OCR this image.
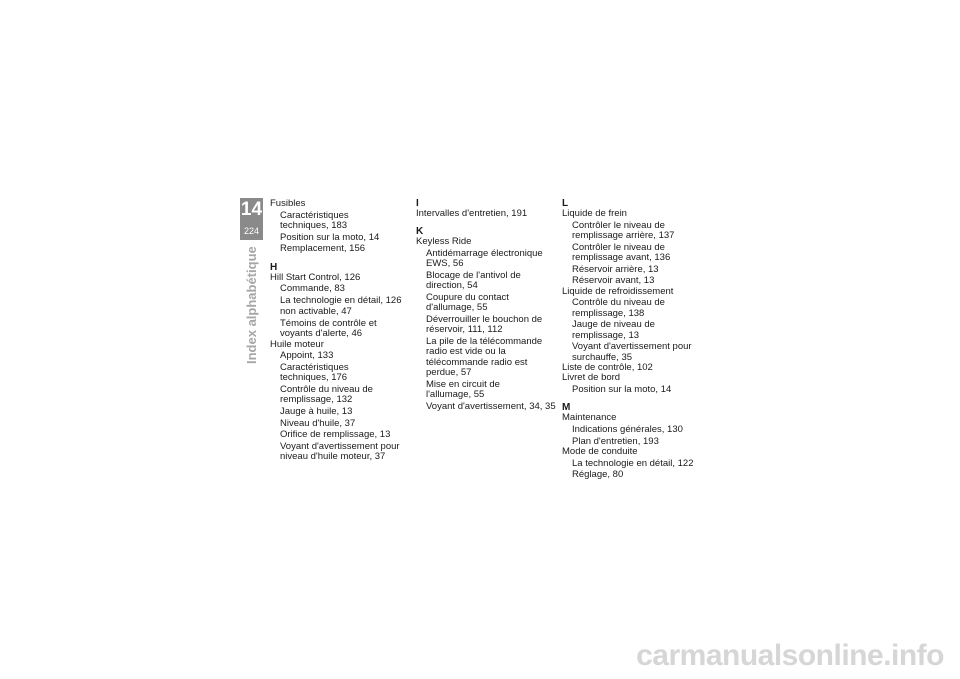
14
224
Index alphabétique
Fusibles
Caractéristiques
techniques, 183
Position sur la moto, 14
Remplacement, 156
H
Hill Start Control, 126
Commande, 83
La technologie en détail, 126
non activable, 47
Témoins de contrôle et
voyants d'alerte, 46
Huile moteur
Appoint, 133
Caractéristiques
techniques, 176
Contrôle du niveau de
remplissage, 132
Jauge à huile, 13
Niveau d'huile, 37
Orifice de remplissage, 13
Voyant d'avertissement pour
niveau d'huile moteur, 37
I
Intervalles d'entretien, 191
K
Keyless Ride
Antidémarrage électronique
EWS, 56
Blocage de l'antivol de
direction, 54
Coupure du contact
d'allumage, 55
Déverrouiller le bouchon de
réservoir, 111, 112
La pile de la télécommande
radio est vide ou la
télécommande radio est
perdue, 57
Mise en circuit de
l'allumage, 55
Voyant d'avertissement, 34, 35
L
Liquide de frein
Contrôler le niveau de
remplissage arrière, 137
Contrôler le niveau de
remplissage avant, 136
Réservoir arrière, 13
Réservoir avant, 13
Liquide de refroidissement
Contrôle du niveau de
remplissage, 138
Jauge de niveau de
remplissage, 13
Voyant d'avertissement pour
surchauffe, 35
Liste de contrôle, 102
Livret de bord
Position sur la moto, 14
M
Maintenance
Indications générales, 130
Plan d'entretien, 193
Mode de conduite
La technologie en détail, 122
Réglage, 80
carmanualsonline.info
